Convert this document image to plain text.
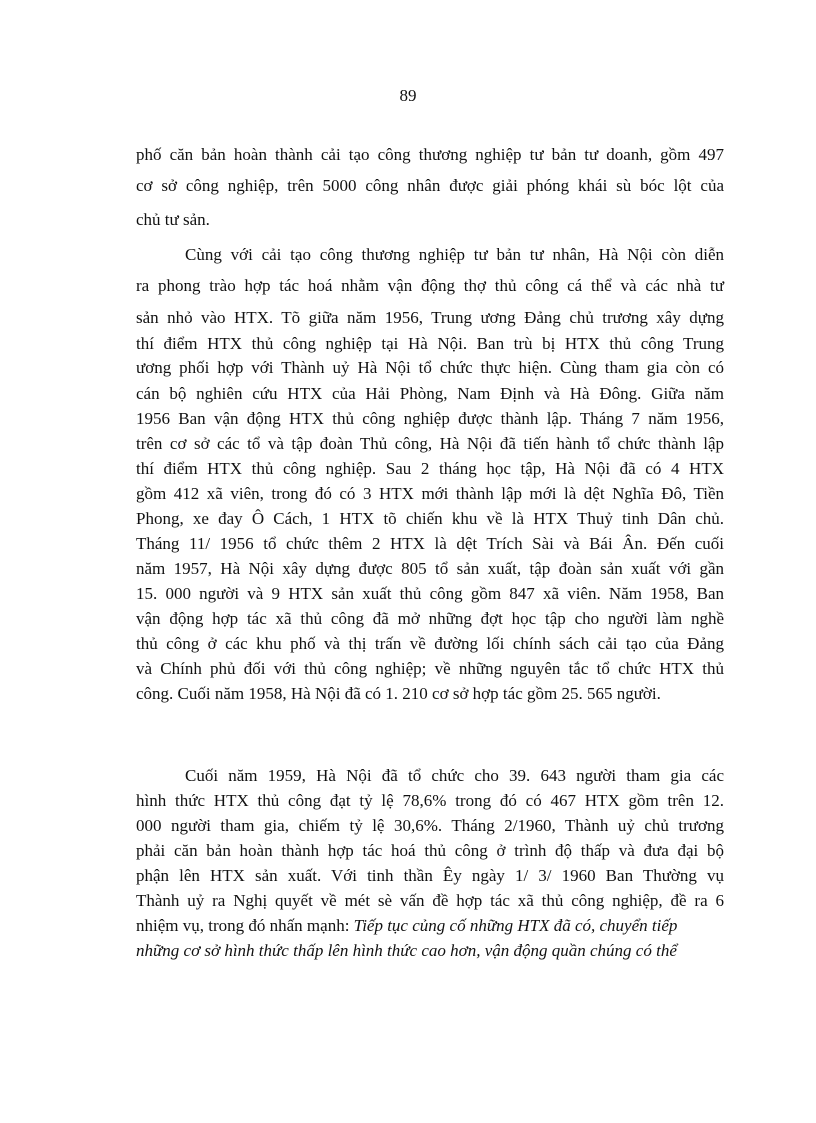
89
phố căn bản hoàn thành cải tạo công thương nghiệp tư bản tư doanh, gồm 497
cơ sở công nghiệp, trên 5000 công nhân được giải phóng khái sù bóc lột của
chủ tư sản.
Cùng với cải tạo công thương nghiệp tư bản tư nhân, Hà Nội còn diễn
ra phong trào hợp tác hoá nhằm vận động thợ thủ công cá thể và các nhà tư
sản nhỏ vào HTX. Tõ giữa năm 1956, Trung ương Đảng chủ trương xây dựng
thí điểm HTX thủ công nghiệp tại Hà Nội. Ban trù bị HTX thủ công Trung
ương phối hợp với Thành uỷ Hà Nội tổ chức thực hiện. Cùng tham gia còn có
cán bộ nghiên cứu HTX của Hải Phòng, Nam Định và Hà Đông. Giữa năm
1956 Ban vận động HTX thủ công nghiệp được thành lập. Tháng 7 năm 1956,
trên cơ sở các tổ và tập đoàn Thủ công, Hà Nội đã tiến hành tổ chức thành lập
thí điểm HTX thủ công nghiệp. Sau 2 tháng học tập, Hà Nội đã có 4 HTX
gồm 412 xã viên, trong đó có 3 HTX mới thành lập mới là dệt Nghĩa Đô, Tiền
Phong, xe đay Ô Cách, 1 HTX tõ chiến khu về là HTX Thuỷ tinh Dân chủ.
Tháng 11/ 1956 tổ chức thêm 2 HTX là dệt Trích Sài và Bái Ân. Đến cuối
năm 1957, Hà Nội xây dựng được 805 tổ sản xuất, tập đoàn sản xuất với gần
15. 000 người và 9 HTX sản xuất thủ công gồm 847 xã viên. Năm 1958, Ban
vận động hợp tác xã thủ công đã mở những đợt học tập cho người làm nghề
thủ công ở các khu phố và thị trấn về đường lối chính sách cải tạo của Đảng
và Chính phủ đối với thủ công nghiệp; về những nguyên tắc tổ chức HTX thủ
công. Cuối năm 1958, Hà Nội đã có 1. 210 cơ sở hợp tác gồm 25. 565 người.
Cuối năm 1959, Hà Nội đã tổ chức cho 39. 643 người tham gia các
hình thức HTX thủ công đạt tỷ lệ 78,6% trong đó có 467 HTX gồm trên 12.
000 người tham gia, chiếm tỷ lệ 30,6%. Tháng 2/1960, Thành uỷ chủ trương
phải căn bản hoàn thành hợp tác hoá thủ công ở trình độ thấp và đưa đại bộ
phận lên HTX sản xuất. Với tinh thần Êy ngày 1/ 3/ 1960 Ban Thường vụ
Thành uỷ ra Nghị quyết về mét sè vấn đề hợp tác xã thủ công nghiệp, đề ra 6
nhiệm vụ, trong đó nhấn mạnh: Tiếp tục củng cố những HTX đã có, chuyển tiếp
những cơ sở hình thức thấp lên hình thức cao hơn, vận động quần chúng có thể
